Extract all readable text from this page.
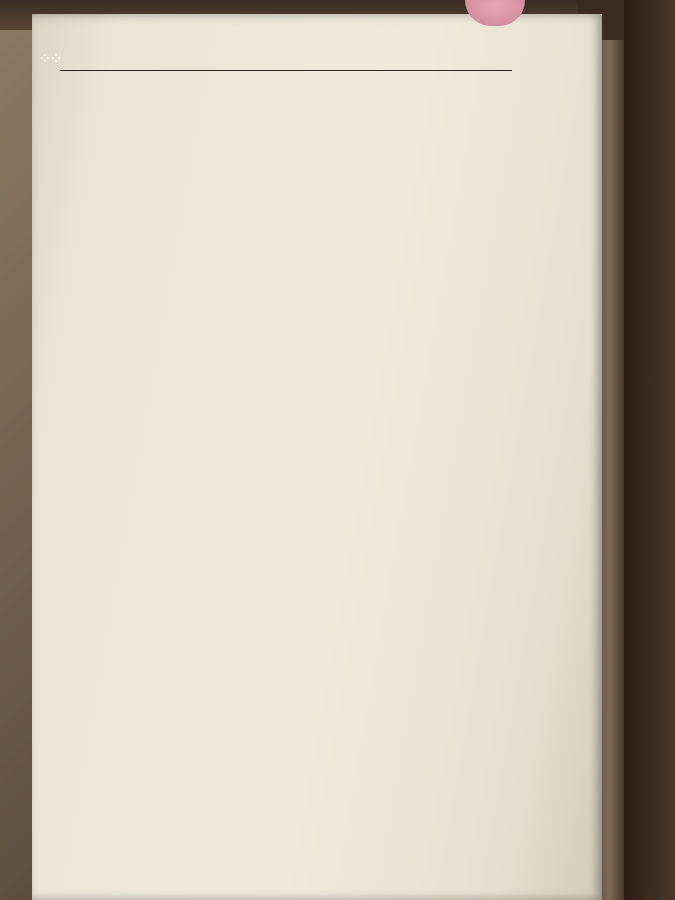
⁘⁘
